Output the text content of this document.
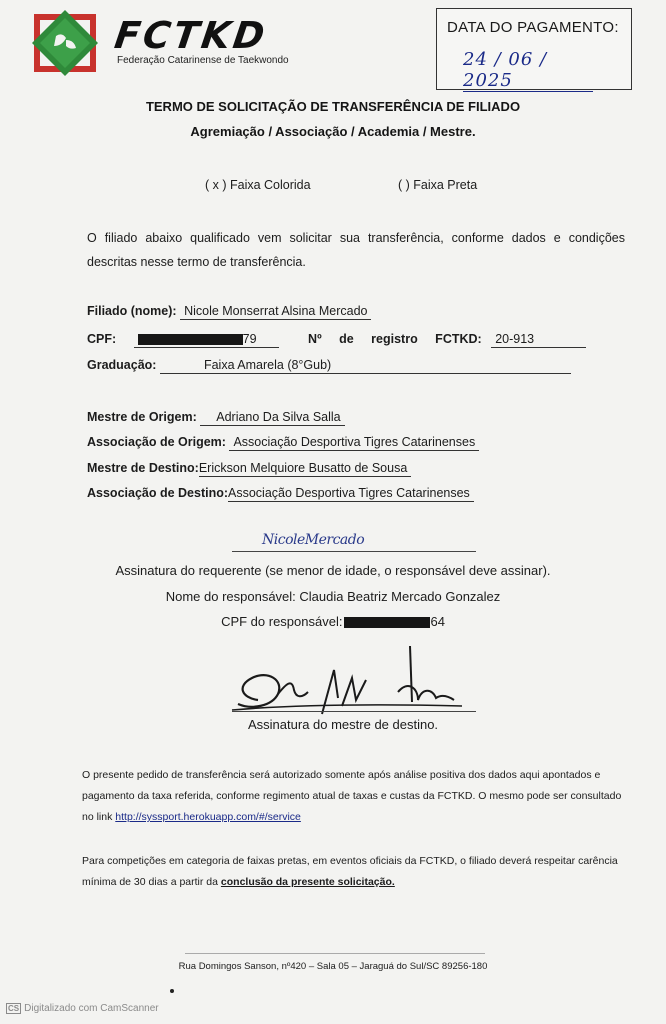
FCTKD
Federação Catarinense de Taekwondo
DATA DO PAGAMENTO:
24 / 06 / 2025
TERMO DE SOLICITAÇÃO DE TRANSFERÊNCIA DE FILIADO
Agremiação / Associação / Academia / Mestre.
( x ) Faixa Colorida	( ) Faixa Preta
O filiado abaixo qualificado vem solicitar sua transferência, conforme dados e condições descritas nesse termo de transferência.
Filiado (nome): Nicole Monserrat Alsina Mercado
CPF:	79	Nº de registro FCTKD: 20-913
Graduação:	Faixa Amarela (8°Gub)
Mestre de Origem: Adriano Da Silva Salla
Associação de Origem: Associação Desportiva Tigres Catarinenses
Mestre de Destino:Erickson Melquiore Busatto de Sousa
Associação de Destino:Associação Desportiva Tigres Catarinenses
NicoleMercado
Assinatura do requerente (se menor de idade, o responsável deve assinar).
Nome do responsável: Claudia Beatriz Mercado Gonzalez
CPF do responsável:	64
Assinatura do mestre de destino.
O presente pedido de transferência será autorizado somente após análise positiva dos dados aqui apontados e pagamento da taxa referida, conforme regimento atual de taxas e custas da FCTKD. O mesmo pode ser consultado no link http://syssport.herokuapp.com/#/service
Para competições em categoria de faixas pretas, em eventos oficiais da FCTKD, o filiado deverá respeitar carência mínima de 30 dias a partir da conclusão da presente solicitação.
Rua Domingos Sanson, nº420 – Sala 05 – Jaraguá do Sul/SC 89256-180
CS Digitalizado com CamScanner
